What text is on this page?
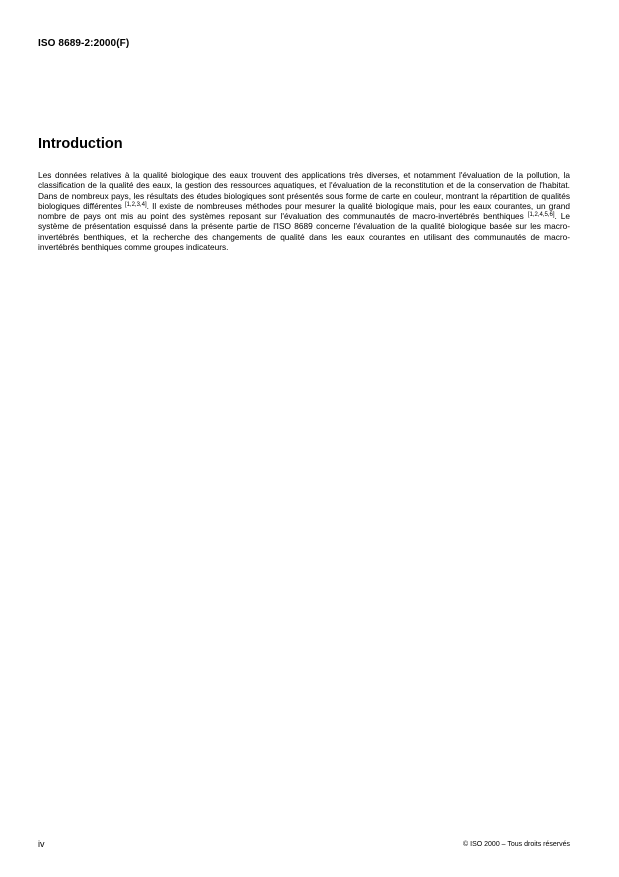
ISO 8689-2:2000(F)
Introduction

Les données relatives à la qualité biologique des eaux trouvent des applications très diverses, et notamment l'évaluation de la pollution, la classification de la qualité des eaux, la gestion des ressources aquatiques, et l'évaluation de la reconstitution et de la conservation de l'habitat. Dans de nombreux pays, les résultats des études biologiques sont présentés sous forme de carte en couleur, montrant la répartition de qualités biologiques différentes [1,2,3,4]. Il existe de nombreuses méthodes pour mesurer la qualité biologique mais, pour les eaux courantes, un grand nombre de pays ont mis au point des systèmes reposant sur l'évaluation des communautés de macro-invertébrés benthiques [1,2,4,5,6]. Le système de présentation esquissé dans la présente partie de l'ISO 8689 concerne l'évaluation de la qualité biologique basée sur les macro-invertébrés benthiques, et la recherche des changements de qualité dans les eaux courantes en utilisant des communautés de macro-invertébrés benthiques comme groupes indicateurs.

iv	© ISO 2000 – Tous droits réservés
